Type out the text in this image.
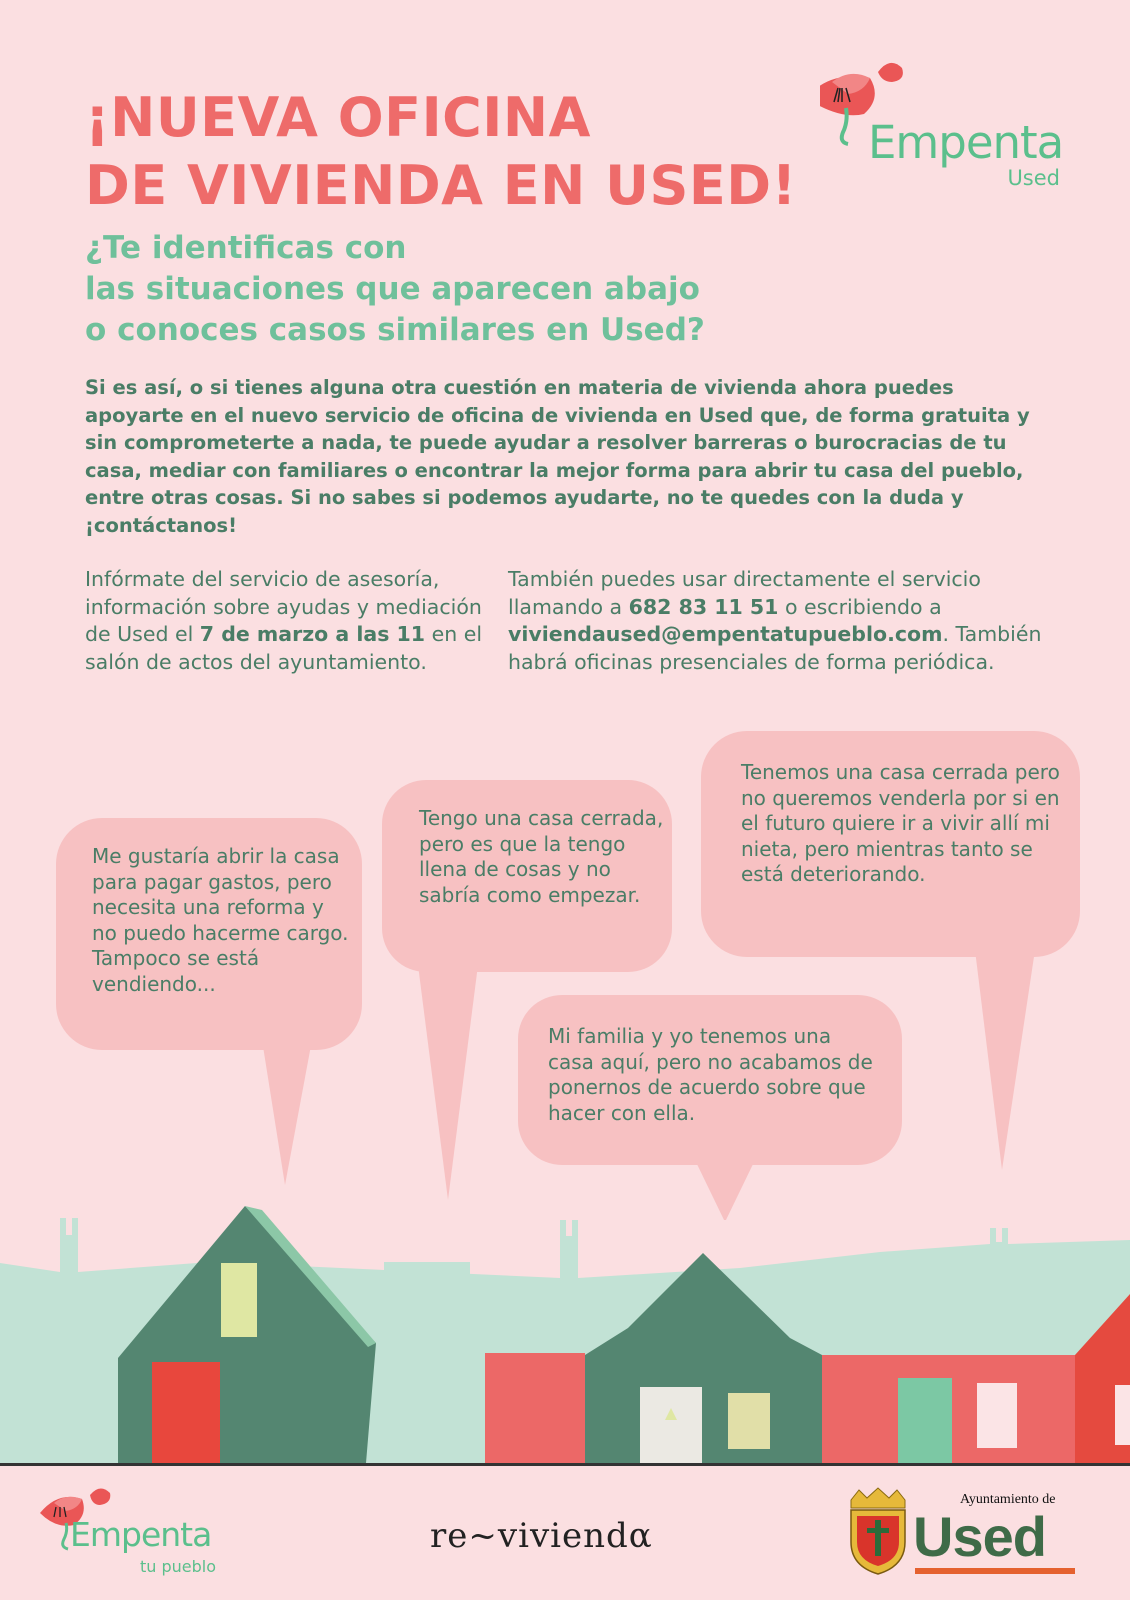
¡NUEVA OFICINA
DE VIVIENDA EN USED!
Empenta
Used
¿Te identificas con
las situaciones que aparecen abajo
o conoces casos similares en Used?

Si es así, o si tienes alguna otra cuestión en materia de vivienda ahora puedes apoyarte en el nuevo servicio de oficina de vivienda en Used que, de forma gratuita y sin comprometerte a nada, te puede ayudar a resolver barreras o burocracias de tu casa, mediar con familiares o encontrar la mejor forma para abrir tu casa del pueblo, entre otras cosas. Si no sabes si podemos ayudarte, no te quedes con la duda y ¡contáctanos!

Infórmate del servicio de asesoría, información sobre ayudas y mediación de Used el 7 de marzo a las 11 en el salón de actos del ayuntamiento.

También puedes usar directamente el servicio llamando a 682 83 11 51 o escribiendo a viviendaused@empentatupueblo.com. También habrá oficinas presenciales de forma periódica.

Me gustaría abrir la casa para pagar gastos, pero necesita una reforma y no puedo hacerme cargo. Tampoco se está vendiendo...

Tengo una casa cerrada, pero es que la tengo llena de cosas y no sabría como empezar.

Tenemos una casa cerrada pero no queremos venderla por si en el futuro quiere ir a vivir allí mi nieta, pero mientras tanto se está deteriorando.

Mi familia y yo tenemos una casa aquí, pero no acabamos de ponernos de acuerdo sobre que hacer con ella.

Empenta
tu pueblo

re~viviendα

Ayuntamiento de
Used
